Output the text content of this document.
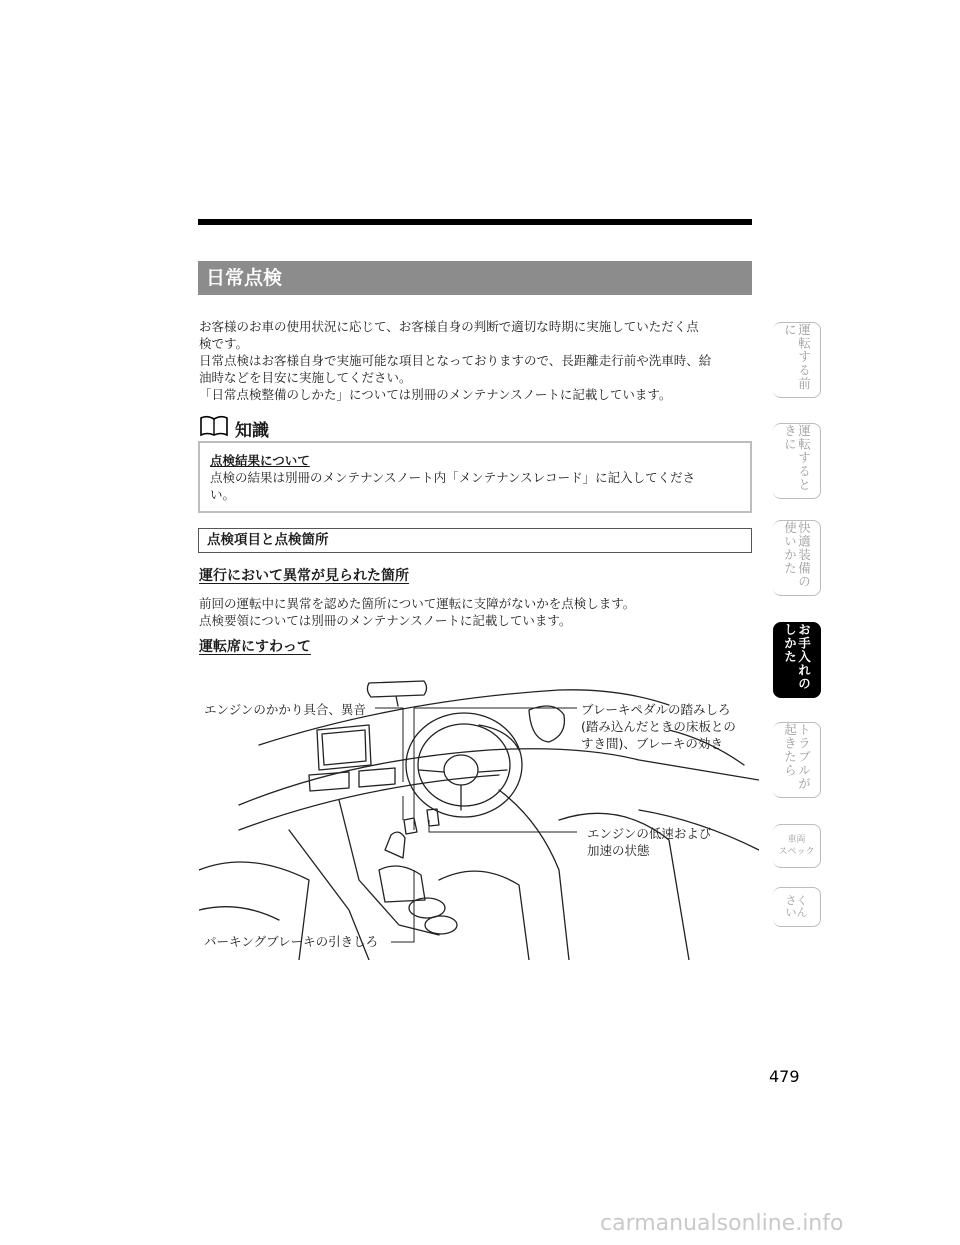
日常点検

お客様のお車の使用状況に応じて、お客様自身の判断で適切な時期に実施していただく点

検です。

日常点検はお客様自身で実施可能な項目となっておりますので、長距離走行前や洗車時、給

油時などを目安に実施してください。

「日常点検整備のしかた」については別冊のメンテナンスノートに記載しています。

知識
点検結果について
点検の結果は別冊のメンテナンスノート内「メンテナンスレコード」に記入してくださ
い。
点検項目と点検箇所
運行において異常が見られた箇所

前回の運転中に異常を認めた箇所について運転に支障がないかを点検します。

点検要領については別冊のメンテナンスノートに記載しています。

運転席にすわって
エンジンのかかり具合、異音	ブレーキペダルの踏みしろ
(踏み込んだときの床板との
すき間)、ブレーキの効き
エンジンの低速および
加速の状態
パーキングブレーキの引きしろ
運転する前に
運転するときに
快適装備の使いかた
お手入れのしかた
トラブルが起きたら
車両
スペック
さく
いん
479
carmanualsonline.info
